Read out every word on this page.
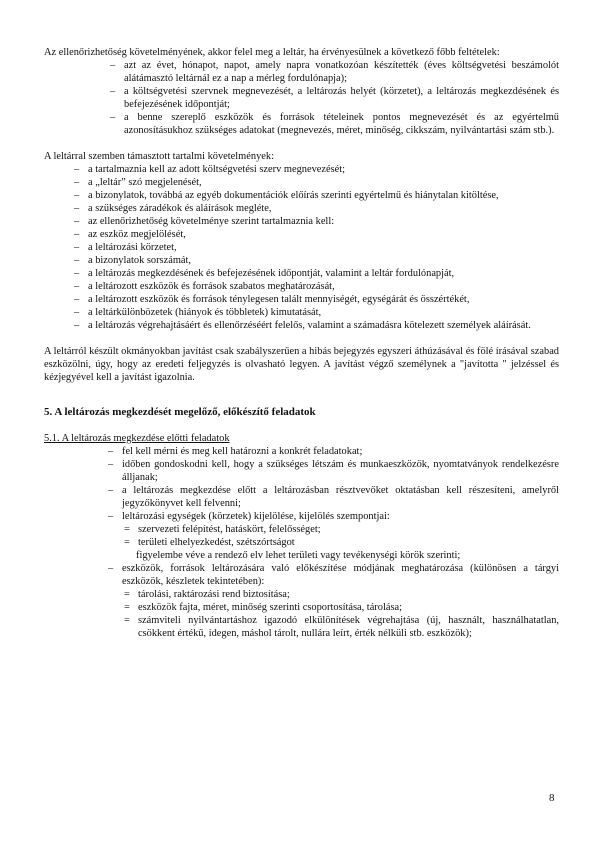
Az ellenőrizhetőség követelményének, akkor felel meg a leltár, ha érvényesülnek a következő főbb feltételek:

– azt az évet, hónapot, napot, amely napra vonatkozóan készítették (éves költségvetési beszámolót alátámasztó leltárnál ez a nap a mérleg fordulónapja);
– a költségvetési szervnek megnevezését, a leltározás helyét (körzetet), a leltározás megkezdésének és befejezésének időpontját;
– a benne szereplő eszközök és források tételeinek pontos megnevezését és az egyértelmű azonosításukhoz szükséges adatokat (megnevezés, méret, minőség, cikkszám, nyilvántartási szám stb.).

A leltárral szemben támasztott tartalmi követelmények:

– a tartalmaznia kell az adott költségvetési szerv megnevezését;
– a „leltár” szó megjelenését,
– a bizonylatok, továbbá az egyéb dokumentációk előírás szerinti egyértelmű és hiánytalan kitöltése,
– a szükséges záradékok és aláírások megléte,
– az ellenőrizhetőség követelménye szerint tartalmaznia kell:
– az eszköz megjelölését,
– a leltározási körzetet,
– a bizonylatok sorszámát,
– a leltározás megkezdésének és befejezésének időpontját, valamint a leltár fordulónapját,
– a leltározott eszközök és források szabatos meghatározását,
– a leltározott eszközök és források ténylegesen talált mennyiségét, egységárát és összértékét,
– a leltárkülönbözetek (hiányok és többletek) kimutatását,
– a leltározás végrehajtásáért és ellenőrzéséért felelős, valamint a számadásra kötelezett személyek aláírását.

A leltárról készült okmányokban javítást csak szabályszerűen a hibás bejegyzés egyszeri áthúzásával és fölé írásával szabad eszközölni, úgy, hogy az eredeti feljegyzés is olvasható legyen. A javítást végző személynek a "javította " jelzéssel és kézjegyével kell a javítást igazolnia.

5. A leltározás megkezdését megelőző, előkészítő feladatok
5.1. A leltározás megkezdése előtti feladatok
– fel kell mérni és meg kell határozni a konkrét feladatokat;
– időben gondoskodni kell, hogy a szükséges létszám és munkaeszközök, nyomtatványok rendelkezésre álljanak;
– a leltározás megkezdése előtt a leltározásban résztvevőket oktatásban kell részesíteni, amelyről jegyzőkönyvet kell felvenni;
– leltározási egységek (körzetek) kijelölése, kijelölés szempontjai:
= szervezeti felépítést, hatáskört, felelősséget;
= területi elhelyezkedést, szétszórtságot
figyelembe véve a rendező elv lehet területi vagy tevékenységi körök szerinti;
– eszközök, források leltározására való előkészítése módjának meghatározása (különösen a tárgyi eszközök, készletek tekintetében):
= tárolási, raktározási rend biztosítása;
= eszközök fajta, méret, minőség szerinti csoportosítása, tárolása;
= számviteli nyilvántartáshoz igazodó elkülönítések végrehajtása (új, használt, használhatatlan, csökkent értékű, idegen, máshol tárolt, nullára leírt, érték nélküli stb. eszközök);
8
